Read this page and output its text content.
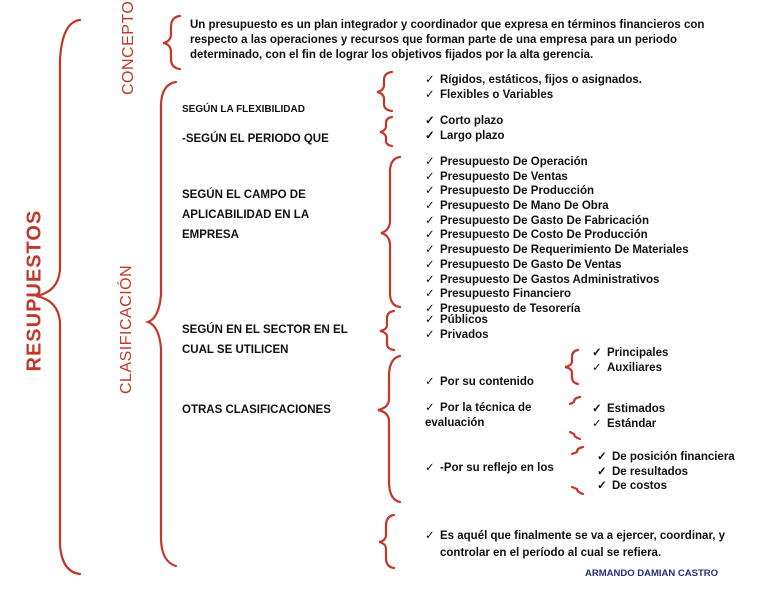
RESUPUESTOS
CONCEPTO
CLASIFICACIÓN
Un presupuesto es un plan integrador y coordinador que expresa en términos financieros con respecto a las operaciones y recursos que forman parte de una empresa para un periodo determinado, con el fin de lograr los objetivos fijados por la alta gerencia.
SEGÚN LA FLEXIBILIDAD
-SEGÚN EL PERIODO QUE
SEGÚN EL CAMPO DE APLICABILIDAD EN LA EMPRESA
SEGÚN EN EL SECTOR EN EL CUAL SE UTILICEN
OTRAS CLASIFICACIONES
✓ Rígidos, estáticos, fijos o asignados.
✓ Flexibles o Variables
✓ Corto plazo
✓ Largo plazo
✓ Presupuesto De Operación
✓ Presupuesto De Ventas
✓ Presupuesto De Producción
✓ Presupuesto De Mano De Obra
✓ Presupuesto De Gasto De Fabricación
✓ Presupuesto De Costo De Producción
✓ Presupuesto De Requerimiento De Materiales
✓ Presupuesto De Gasto De Ventas
✓ Presupuesto De Gastos Administrativos
✓ Presupuesto Financiero
✓ Presupuesto de Tesorería
✓ Públicos
✓ Privados
✓ Por su contenido
✓ Por la técnica de evaluación
✓ -Por su reflejo en los
✓ Principales
✓ Auxiliares
✓ Estimados
✓ Estándar
✓ De posición financiera
✓ De resultados
✓ De costos
✓ Es aquél que finalmente se va a ejercer, coordinar, y controlar en el período al cual se refiera.
ARMANDO DAMIAN CASTRO
